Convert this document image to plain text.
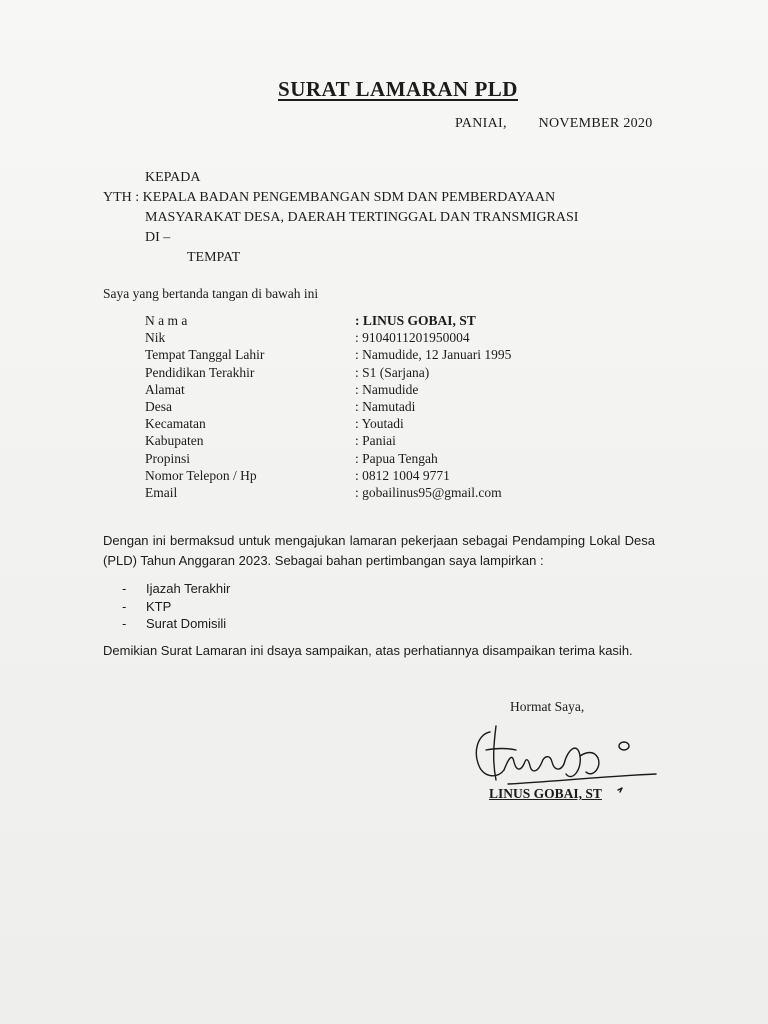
SURAT LAMARAN PLD
PANIAI, NOVEMBER 2020
KEPADA
YTH : KEPALA BADAN PENGEMBANGAN SDM DAN PEMBERDAYAAN
MASYARAKAT DESA, DAERAH TERTINGGAL DAN TRANSMIGRASI
DI –
TEMPAT
Saya yang bertanda tangan di bawah ini
N a m a	: LINUS GOBAI, ST
Nik	: 9104011201950004
Tempat Tanggal Lahir	: Namudide, 12 Januari 1995
Pendidikan Terakhir	: S1 (Sarjana)
Alamat	: Namudide
Desa	: Namutadi
Kecamatan	: Youtadi
Kabupaten	: Paniai
Propinsi	: Papua Tengah
Nomor Telepon / Hp	: 0812 1004 9771
Email	: gobailinus95@gmail.com
Dengan ini bermaksud untuk mengajukan lamaran pekerjaan sebagai Pendamping Lokal Desa (PLD) Tahun Anggaran 2023. Sebagai bahan pertimbangan saya lampirkan :
-	Ijazah Terakhir
-	KTP
-	Surat Domisili
Demikian Surat Lamaran ini dsaya sampaikan, atas perhatiannya disampaikan terima kasih.
Hormat Saya,
LINUS GOBAI, ST
